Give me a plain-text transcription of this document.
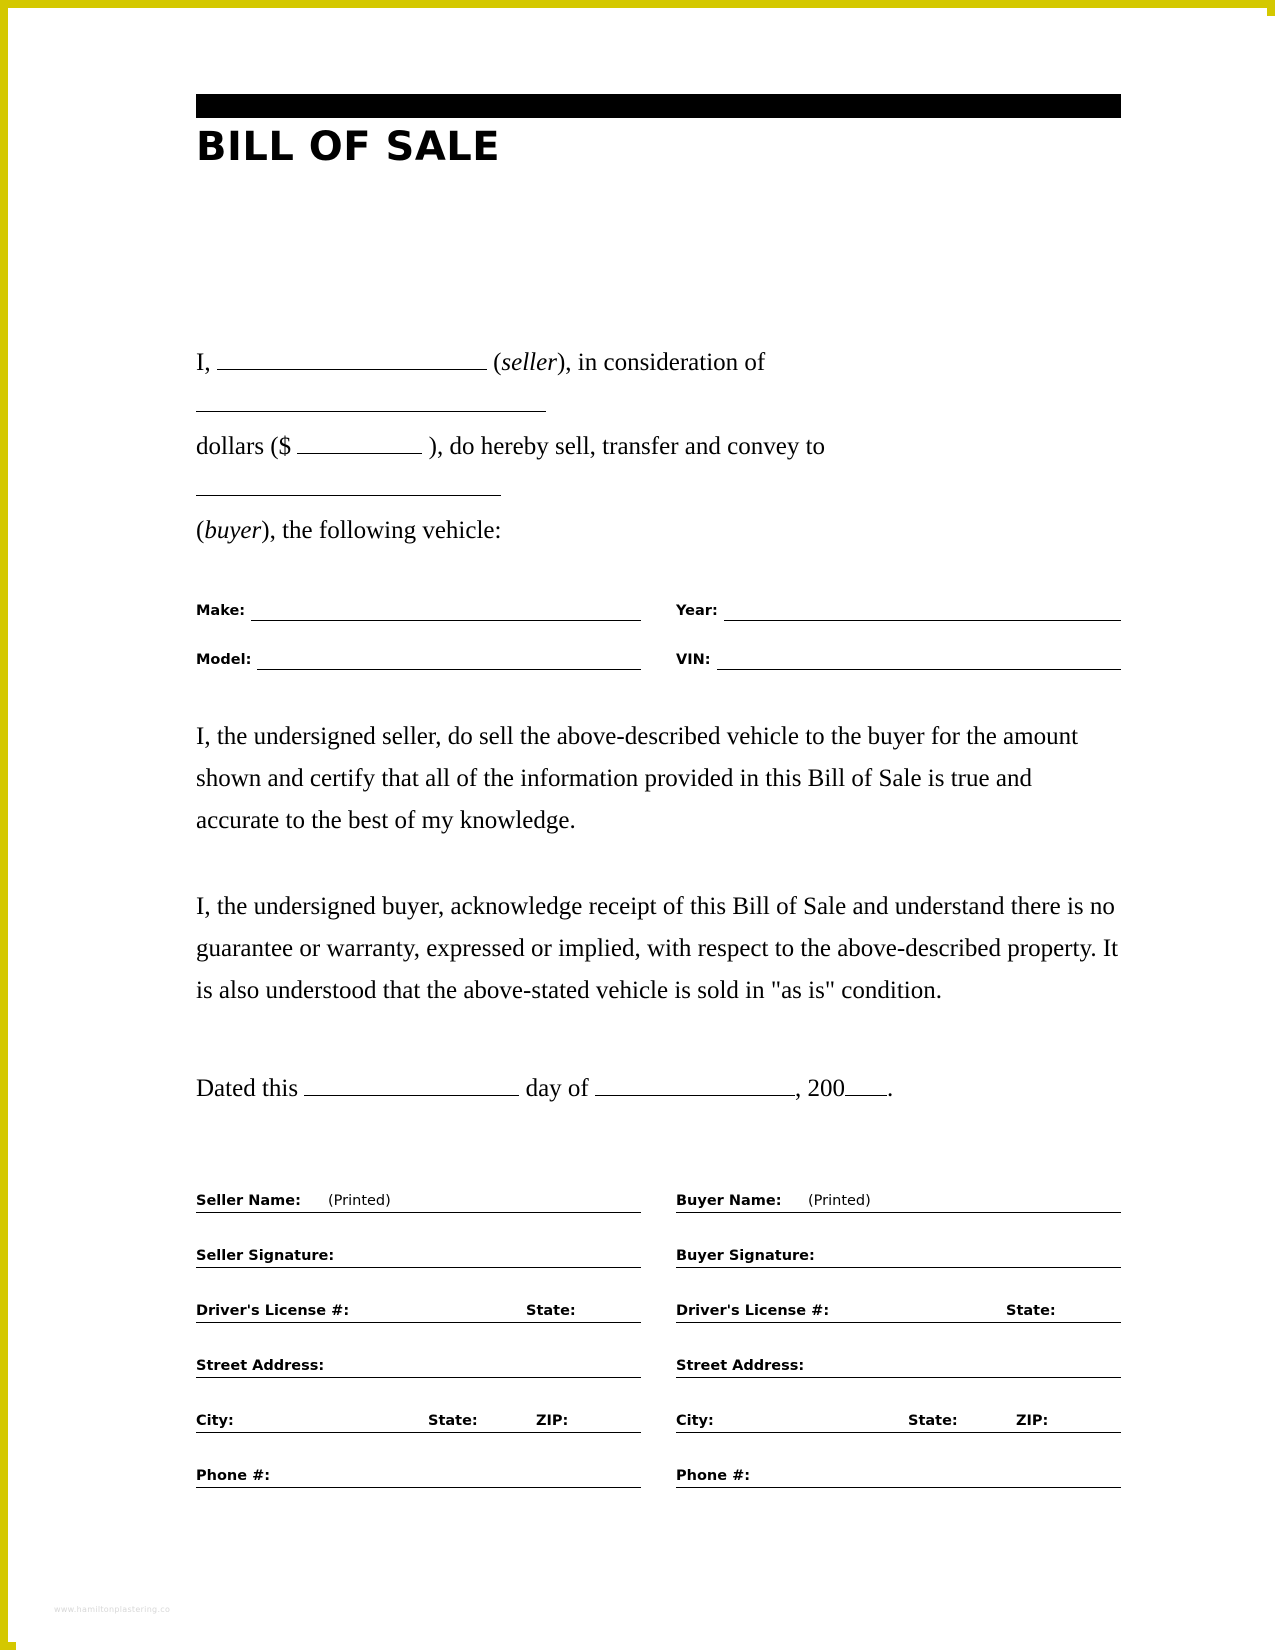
BILL OF SALE
I,	(seller), in consideration of
dollars ($	), do hereby sell, transfer and convey to
(buyer), the following vehicle:
Make:	Year:
Model:	VIN:
I, the undersigned seller, do sell the above-described vehicle to the buyer for the amount shown and certify that all of the information provided in this Bill of Sale is true and accurate to the best of my knowledge.
I, the undersigned buyer, acknowledge receipt of this Bill of Sale and understand there is no guarantee or warranty, expressed or implied, with respect to the above-described property. It is also understood that the above-stated vehicle is sold in "as is" condition.
Dated this	day of	, 200 .
Seller Name: (Printed)
Seller Signature:
Driver's License #:	State:
Street Address:
City:	State:	ZIP:
Phone #:
Buyer Name: (Printed)
Buyer Signature:
Driver's License #:	State:
Street Address:
City:	State:	ZIP:
Phone #:
www.hamiltonplastering.co
